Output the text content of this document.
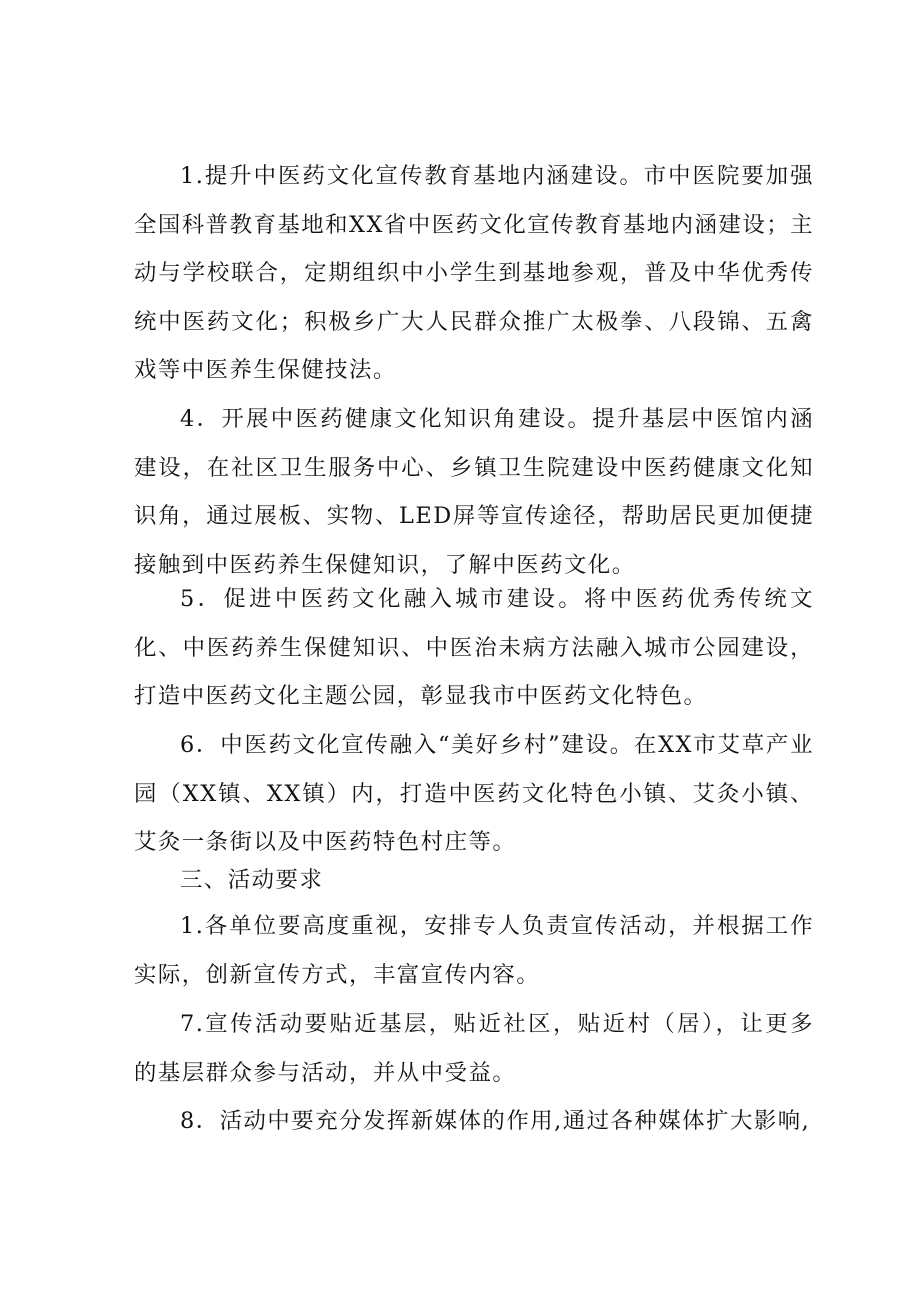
1.提升中医药文化宣传教育基地内涵建设。市中医院要加强全国科普教育基地和XX省中医药文化宣传教育基地内涵建设；主动与学校联合，定期组织中小学生到基地参观，普及中华优秀传统中医药文化；积极乡广大人民群众推广太极拳、八段锦、五禽戏等中医养生保健技法。

4．开展中医药健康文化知识角建设。提升基层中医馆内涵建设，在社区卫生服务中心、乡镇卫生院建设中医药健康文化知识角，通过展板、实物、LED屏等宣传途径，帮助居民更加便捷接触到中医药养生保健知识，了解中医药文化。

5．促进中医药文化融入城市建设。将中医药优秀传统文化、中医药养生保健知识、中医治未病方法融入城市公园建设，打造中医药文化主题公园，彰显我市中医药文化特色。

6．中医药文化宣传融入“美好乡村”建设。在XX市艾草产业园（XX镇、XX镇）内，打造中医药文化特色小镇、艾灸小镇、艾灸一条街以及中医药特色村庄等。

三、活动要求

1.各单位要高度重视，安排专人负责宣传活动，并根据工作实际，创新宣传方式，丰富宣传内容。

7.宣传活动要贴近基层，贴近社区，贴近村（居），让更多的基层群众参与活动，并从中受益。

8．活动中要充分发挥新媒体的作用,通过各种媒体扩大影响,
